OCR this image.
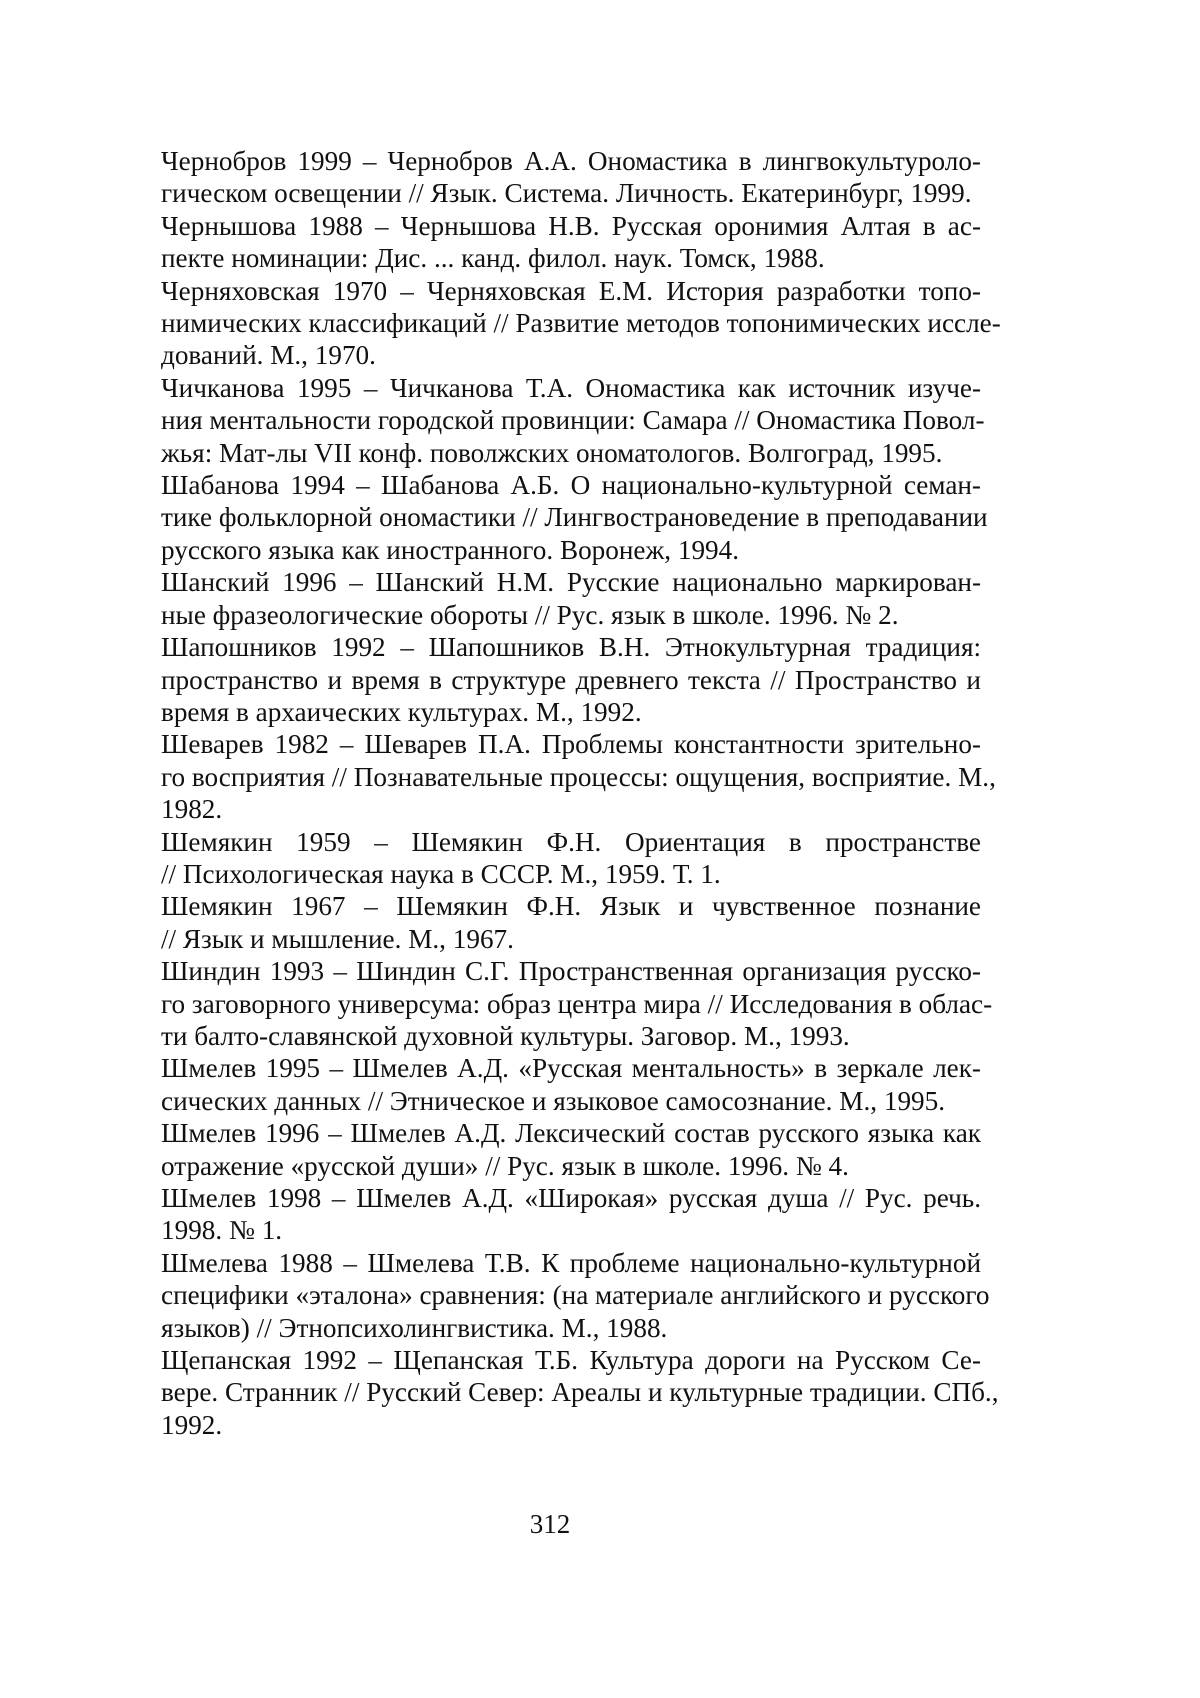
Чернобров 1999 – Чернобров А.А. Ономастика в лингвокультуроло-
гическом освещении // Язык. Система. Личность. Екатеринбург, 1999.
Чернышова 1988 – Чернышова Н.В. Русская оронимия Алтая в ас-
пекте номинации: Дис. ... канд. филол. наук. Томск, 1988.
Черняховская 1970 – Черняховская Е.М. История разработки топо-
нимических классификаций // Развитие методов топонимических иссле-
дований. М., 1970.
Чичканова 1995 – Чичканова Т.А. Ономастика как источник изуче-
ния ментальности городской провинции: Самара // Ономастика Повол-
жья: Мат-лы VII конф. поволжских ономатологов. Волгоград, 1995.
Шабанова 1994 – Шабанова А.Б. О национально-культурной семан-
тике фольклорной ономастики // Лингвострановедение в преподавании
русского языка как иностранного. Воронеж, 1994.
Шанский 1996 – Шанский Н.М. Русские национально маркирован-
ные фразеологические обороты // Рус. язык в школе. 1996. № 2.
Шапошников 1992 – Шапошников В.Н. Этнокультурная традиция:
пространство и время в структуре древнего текста // Пространство и
время в архаических культурах. М., 1992.
Шеварев 1982 – Шеварев П.А. Проблемы константности зрительно-
го восприятия // Познавательные процессы: ощущения, восприятие. М.,
1982.
Шемякин 1959 – Шемякин Ф.Н. Ориентация в пространстве
// Психологическая наука в СССР. М., 1959. Т. 1.
Шемякин 1967 – Шемякин Ф.Н. Язык и чувственное познание
// Язык и мышление. М., 1967.
Шиндин 1993 – Шиндин С.Г. Пространственная организация русско-
го заговорного универсума: образ центра мира // Исследования в облас-
ти балто-славянской духовной культуры. Заговор. М., 1993.
Шмелев 1995 – Шмелев А.Д. «Русская ментальность» в зеркале лек-
сических данных // Этническое и языковое самосознание. М., 1995.
Шмелев 1996 – Шмелев А.Д. Лексический состав русского языка как
отражение «русской души» // Рус. язык в школе. 1996. № 4.
Шмелев 1998 – Шмелев А.Д. «Широкая» русская душа // Рус. речь.
1998. № 1.
Шмелева 1988 – Шмелева Т.В. К проблеме национально-культурной
специфики «эталона» сравнения: (на материале английского и русского
языков) // Этнопсихолингвистика. М., 1988.
Щепанская 1992 – Щепанская Т.Б. Культура дороги на Русском Се-
вере. Странник // Русский Север: Ареалы и культурные традиции. СПб.,
1992.
312
